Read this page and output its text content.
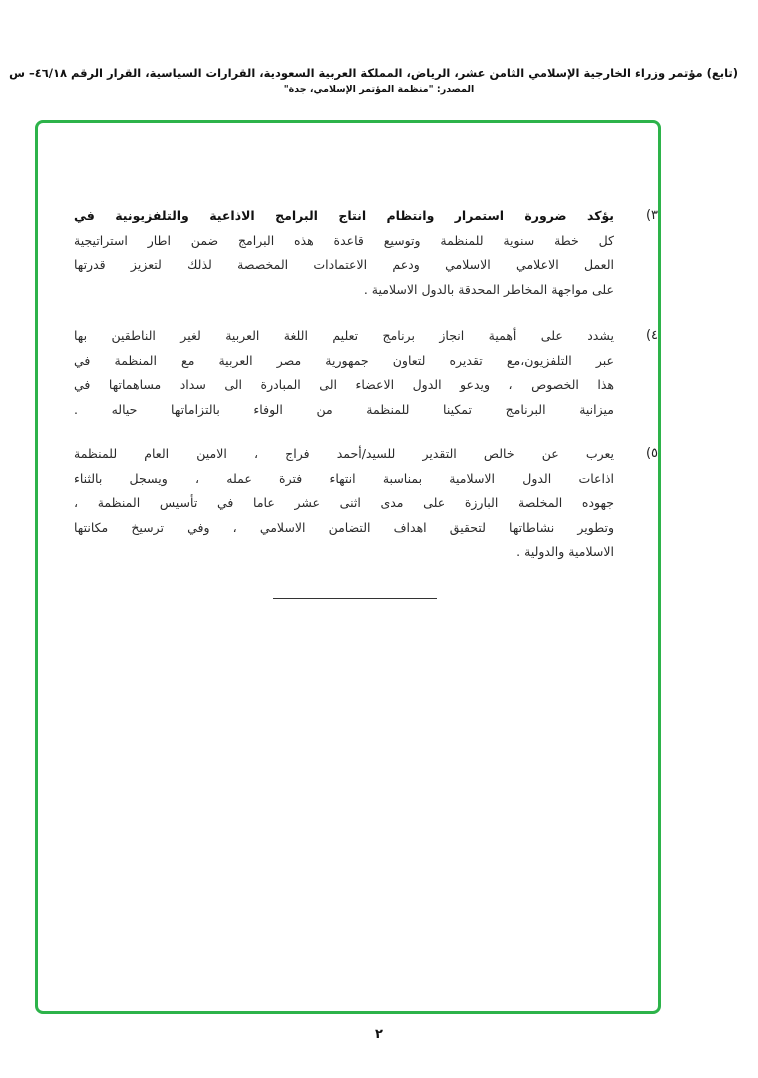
(تابع) مؤتمر وزراء الخارجية الإسلامي الثامن عشر، الرياض، المملكة العربية السعودية، القرارات السياسية، القرار الرقم ٤٦/١٨– س
المصدر: "منظمة المؤتمر الإسلامي، جدة"
٣)
يؤكد ضرورة استمرار وانتظام انتاج البرامج الاذاعية والتلفزيونية في
كل خطة سنوية للمنظمة وتوسيع قاعدة هذه البرامج ضمن اطار استراتيجية
العمل الاعلامي الاسلامي ودعم الاعتمادات المخصصة لذلك لتعزيز قدرتها
على مواجهة المخاطر المحدقة بالدول الاسلامية .
٤)
يشدد على أهمية انجاز برنامج تعليم اللغة العربية لغير الناطقين بها
عبر التلفزيون،مع تقديره لتعاون جمهورية مصر العربية مع المنظمة في
هذا الخصوص ، ويدعو الدول الاعضاء الى المبادرة الى سداد مساهماتها في
ميزانية البرنامج تمكينا للمنظمة من الوفاء بالتزاماتها حياله .
٥)
يعرب عن خالص التقدير للسيد/أحمد فراج ، الامين العام للمنظمة
اذاعات الدول الاسلامية بمناسبة انتهاء فترة عمله ، ويسجل بالثناء
جهوده المخلصة البارزة على مدى اثنى عشر عاما في تأسيس المنظمة ،
وتطوير نشاطاتها لتحقيق اهداف التضامن الاسلامي ، وفي ترسيخ مكانتها
الاسلامية والدولية .
٢
